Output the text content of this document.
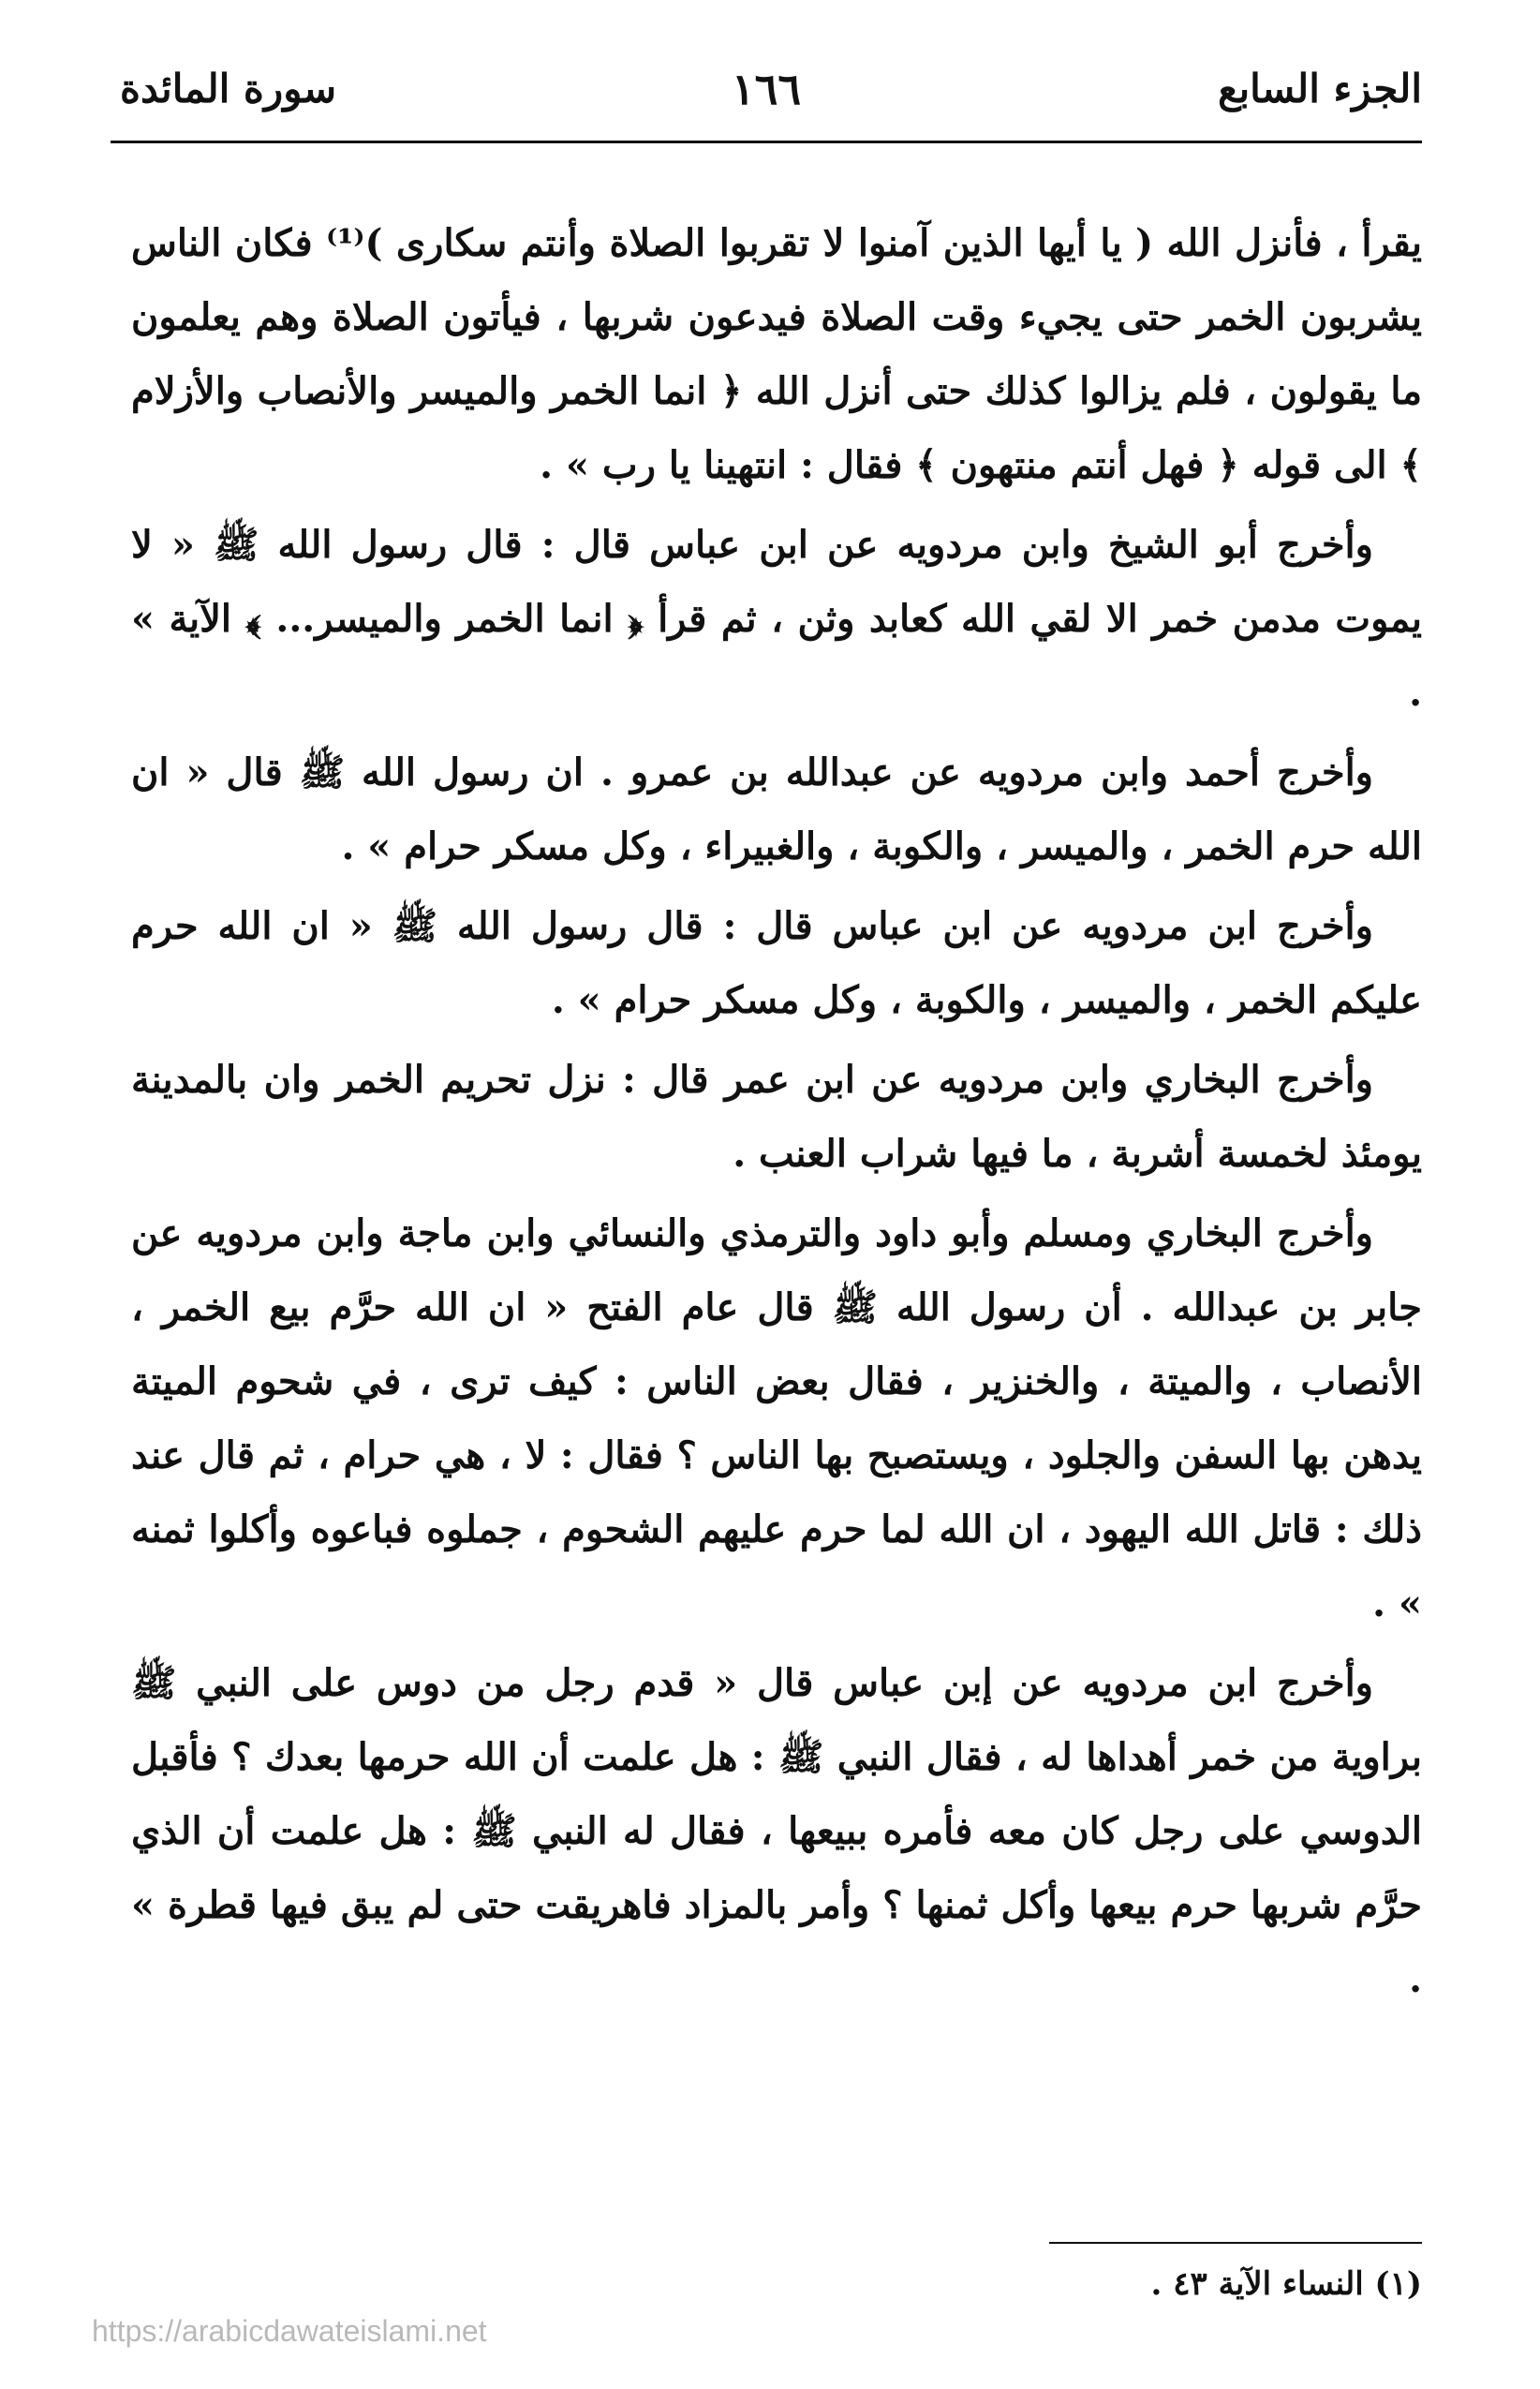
الجزء السابع
١٦٦
سورة المائدة

يقرأ ، فأنزل الله ( يا أيها الذين آمنوا لا تقربوا الصلاة وأنتم سكارى )⁽¹⁾ فكان الناس يشربون الخمر حتى يجيء وقت الصلاة فيدعون شربها ، فيأتون الصلاة وهم يعلمون ما يقولون ، فلم يزالوا كذلك حتى أنزل الله ﴿ انما الخمر والميسر والأنصاب والأزلام ﴾ الى قوله ﴿ فهل أنتم منتهون ﴾ فقال : انتهينا يا رب » .

وأخرج أبو الشيخ وابن مردويه عن ابن عباس قال : قال رسول الله ﷺ « لا يموت مدمن خمر الا لقي الله كعابد وثن ، ثم قرأ ﴿ انما الخمر والميسر... ﴾ الآية » .

وأخرج أحمد وابن مردويه عن عبدالله بن عمرو . ان رسول الله ﷺ قال « ان الله حرم الخمر ، والميسر ، والكوبة ، والغبيراء ، وكل مسكر حرام » .

وأخرج ابن مردويه عن ابن عباس قال : قال رسول الله ﷺ « ان الله حرم عليكم الخمر ، والميسر ، والكوبة ، وكل مسكر حرام » .

وأخرج البخاري وابن مردويه عن ابن عمر قال : نزل تحريم الخمر وان بالمدينة يومئذ لخمسة أشربة ، ما فيها شراب العنب .

وأخرج البخاري ومسلم وأبو داود والترمذي والنسائي وابن ماجة وابن مردويه عن جابر بن عبدالله . أن رسول الله ﷺ قال عام الفتح « ان الله حرَّم بيع الخمر ، الأنصاب ، والميتة ، والخنزير ، فقال بعض الناس : كيف ترى ، في شحوم الميتة يدهن بها السفن والجلود ، ويستصبح بها الناس ؟ فقال : لا ، هي حرام ، ثم قال عند ذلك : قاتل الله اليهود ، ان الله لما حرم عليهم الشحوم ، جملوه فباعوه وأكلوا ثمنه » .

وأخرج ابن مردويه عن إبن عباس قال « قدم رجل من دوس على النبي ﷺ براوية من خمر أهداها له ، فقال النبي ﷺ : هل علمت أن الله حرمها بعدك ؟ فأقبل الدوسي على رجل كان معه فأمره ببيعها ، فقال له النبي ﷺ : هل علمت أن الذي حرَّم شربها حرم بيعها وأكل ثمنها ؟ وأمر بالمزاد فاهريقت حتى لم يبق فيها قطرة » .

(١) النساء الآية ٤٣ .
https://arabicdawateislami.net
